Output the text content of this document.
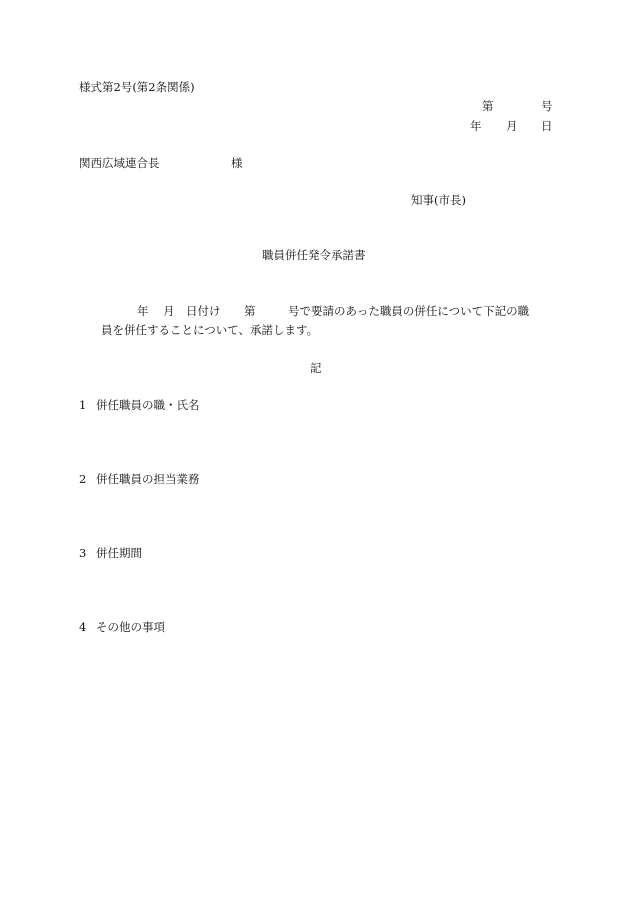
様式第2号(第2条関係)
第	号
年 月 日
関西広域連合長	様
知事(市長)
職員併任発令承諾書
年 月 日付け 第	号で要請のあった職員の併任について下記の職
員を併任することについて、承諾します。
記
1 併任職員の職・氏名
2 併任職員の担当業務
3 併任期間
4 その他の事項
